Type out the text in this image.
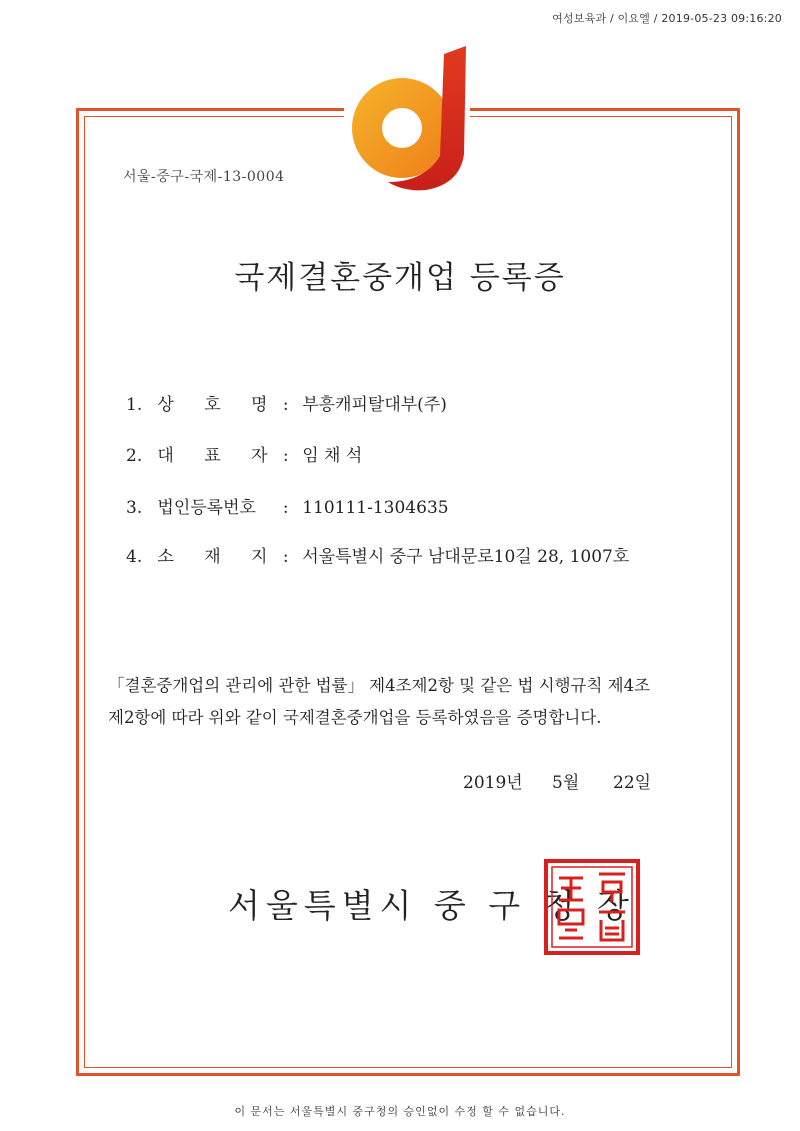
여성보육과 / 이요엘 / 2019-05-23 09:16:20
서울-중구-국제-13-0004
국제결혼중개업 등록증
1. 상 호 명 : 부흥캐피탈대부(주)
2. 대 표 자 : 임 채 석
3. 법인등록번호 : 110111-1304635
4. 소 재 지 : 서울특별시 중구 남대문로10길 28, 1007호
「결혼중개업의 관리에 관한 법률」 제4조제2항 및 같은 법 시행규칙 제4조
제2항에 따라 위와 같이 국제결혼중개업을 등록하였음을 증명합니다.
2019년 5월 22일
서울특별시 중 구 청 장
이 문서는 서울특별시 중구청의 승인없이 수정 할 수 없습니다.
